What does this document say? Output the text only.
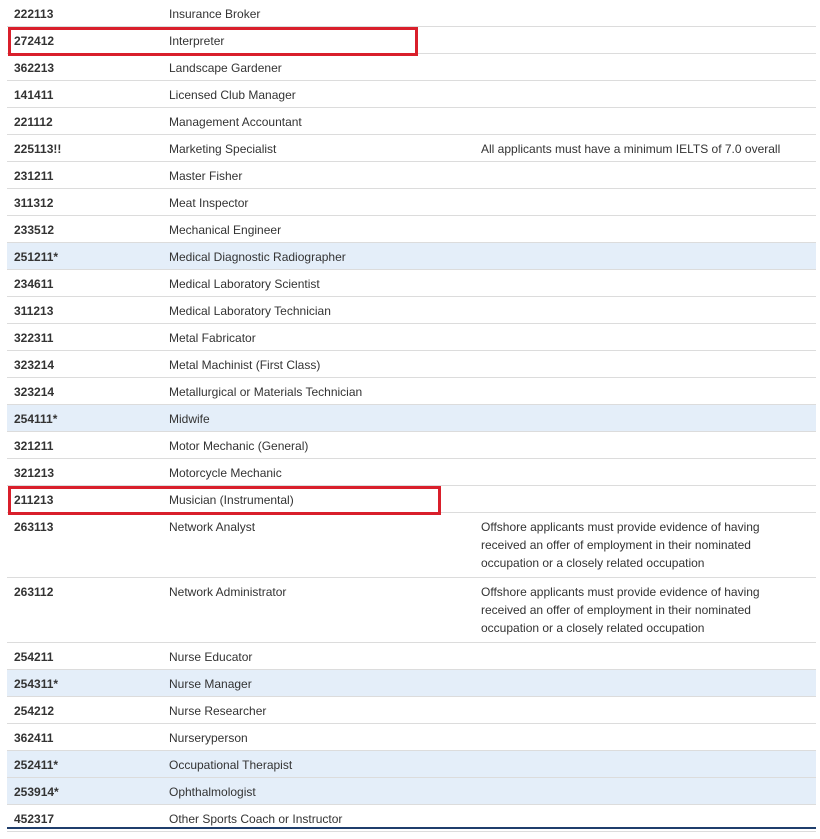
222113	Insurance Broker	
272412	Interpreter	
362213	Landscape Gardener	
141411	Licensed Club Manager	
221112	Management Accountant	
225113!!	Marketing Specialist	All applicants must have a minimum IELTS of 7.0 overall
231211	Master Fisher	
311312	Meat Inspector	
233512	Mechanical Engineer	
251211*	Medical Diagnostic Radiographer	
234611	Medical Laboratory Scientist	
311213	Medical Laboratory Technician	
322311	Metal Fabricator	
323214	Metal Machinist (First Class)	
323214	Metallurgical or Materials Technician	
254111*	Midwife	
321211	Motor Mechanic (General)	
321213	Motorcycle Mechanic	
211213	Musician (Instrumental)	
263113	Network Analyst	Offshore applicants must provide evidence of having
received an offer of employment in their nominated
occupation or a closely related occupation

263112	Network Administrator	Offshore applicants must provide evidence of having
received an offer of employment in their nominated
occupation or a closely related occupation

254211	Nurse Educator	
254311*	Nurse Manager	
254212	Nurse Researcher	
362411	Nurseryperson	
252411*	Occupational Therapist	
253914*	Ophthalmologist	
452317	Other Sports Coach or Instructor	
